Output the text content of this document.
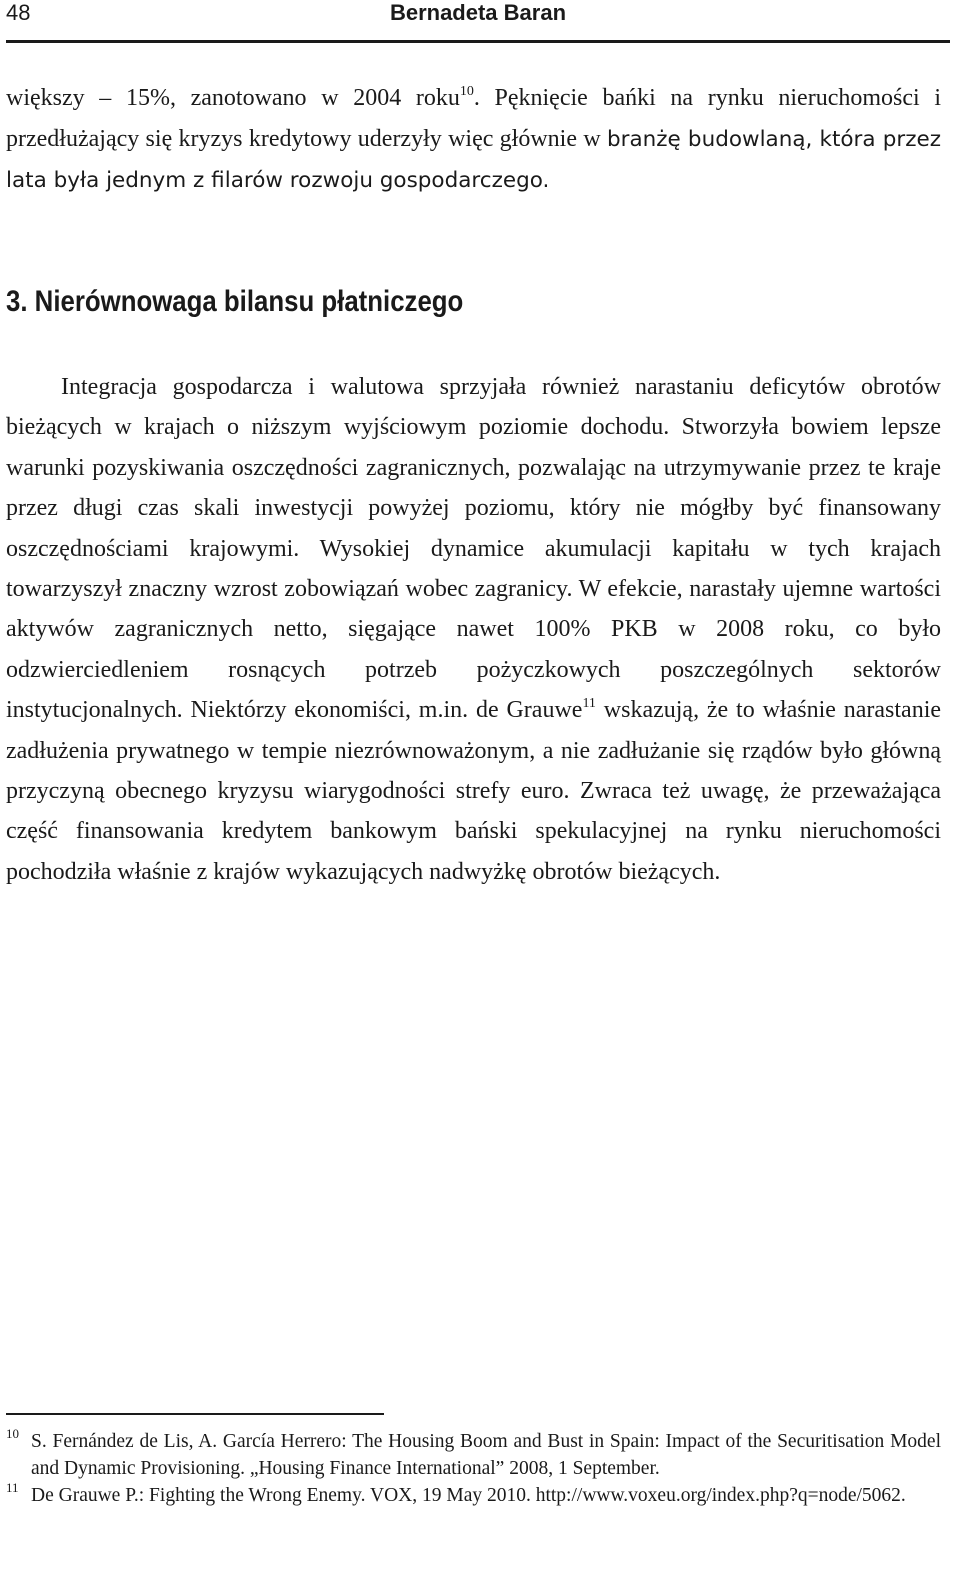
48	Bernadeta Baran

większy – 15%, zanotowano w 2004 roku$^{10}$. Pęknięcie bańki na rynku nieruchomości i przedłużający się kryzys kredytowy uderzyły więc głównie w branżę budowlaną, która przez lata była jednym z filarów rozwoju gospodarczego.

3. Nierównowaga bilansu płatniczego

Integracja gospodarcza i walutowa sprzyjała również narastaniu deficytów obrotów bieżących w krajach o niższym wyjściowym poziomie dochodu. Stworzyła bowiem lepsze warunki pozyskiwania oszczędności zagranicznych, pozwalając na utrzymywanie przez te kraje przez długi czas skali inwestycji powyżej poziomu, który nie mógłby być finansowany oszczędnościami krajowymi. Wysokiej dynamice akumulacji kapitału w tych krajach towarzyszył znaczny wzrost zobowiązań wobec zagranicy. W efekcie, narastały ujemne wartości aktywów zagranicznych netto, sięgające nawet 100% PKB w 2008 roku, co było odzwierciedleniem rosnących potrzeb pożyczkowych poszczególnych sektorów instytucjonalnych. Niektórzy ekonomiści, m.in. de Grauwe$^{11}$ wskazują, że to właśnie narastanie zadłużenia prywatnego w tempie niezrównoważonym, a nie zadłużanie się rządów było główną przyczyną obecnego kryzysu wiarygodności strefy euro. Zwraca też uwagę, że przeważająca część finansowania kredytem bankowym bański spekulacyjnej na rynku nieruchomości pochodziła właśnie z krajów wykazujących nadwyżkę obrotów bieżących.

10 S. Fernández de Lis, A. García Herrero: The Housing Boom and Bust in Spain: Impact of the Securitisation Model and Dynamic Provisioning. „Housing Finance International” 2008, 1 September.

11 De Grauwe P.: Fighting the Wrong Enemy. VOX, 19 May 2010. http://www.voxeu.org/index.php?q=node/5062.
